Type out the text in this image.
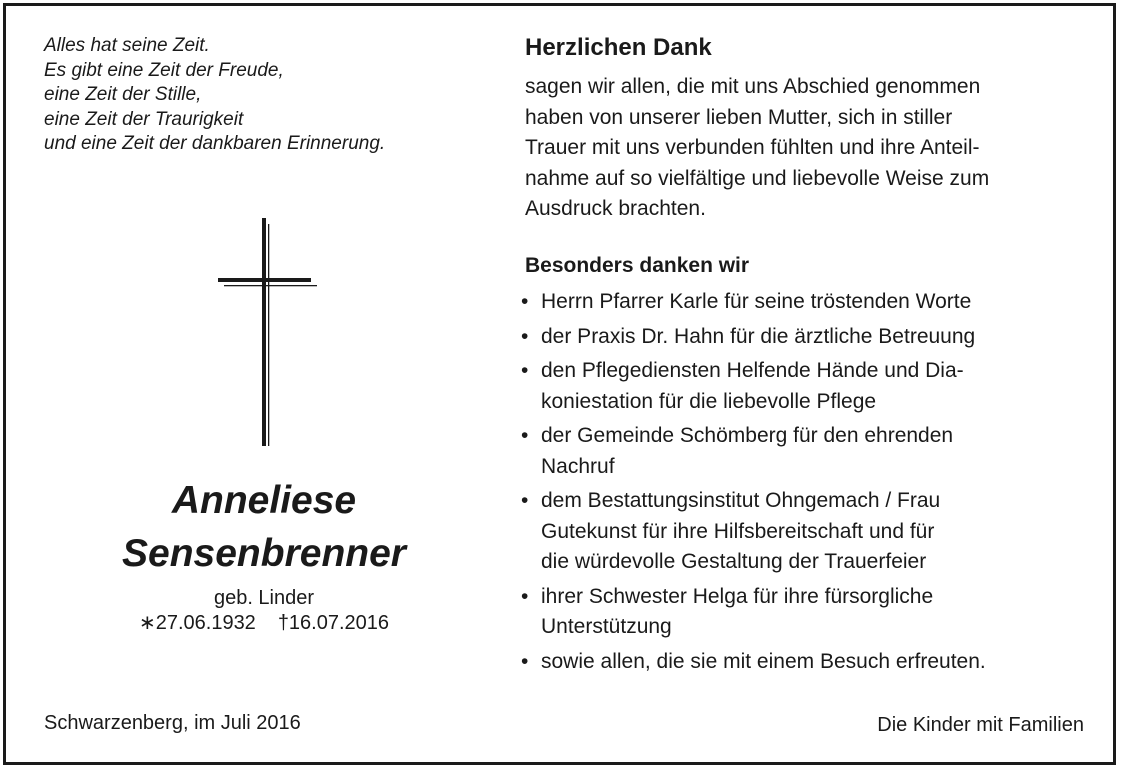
Alles hat seine Zeit.
Es gibt eine Zeit der Freude,
eine Zeit der Stille,
eine Zeit der Traurigkeit
und eine Zeit der dankbaren Erinnerung.
Anneliese
Sensenbrenner
geb. Linder
∗27.06.1932 †16.07.2016
Schwarzenberg, im Juli 2016
Herzlichen Dank
sagen wir allen, die mit uns Abschied genommen
haben von unserer lieben Mutter, sich in stiller
Trauer mit uns verbunden fühlten und ihre Anteil-
nahme auf so vielfältige und liebevolle Weise zum
Ausdruck brachten.
Besonders danken wir
• Herrn Pfarrer Karle für seine tröstenden Worte
• der Praxis Dr. Hahn für die ärztliche Betreuung
• den Pflegediensten Helfende Hände und Dia-
koniestation für die liebevolle Pflege
• der Gemeinde Schömberg für den ehrenden
Nachruf
• dem Bestattungsinstitut Ohngemach / Frau
Gutekunst für ihre Hilfsbereitschaft und für
die würdevolle Gestaltung der Trauerfeier
• ihrer Schwester Helga für ihre fürsorgliche
Unterstützung
• sowie allen, die sie mit einem Besuch erfreuten.
Die Kinder mit Familien
